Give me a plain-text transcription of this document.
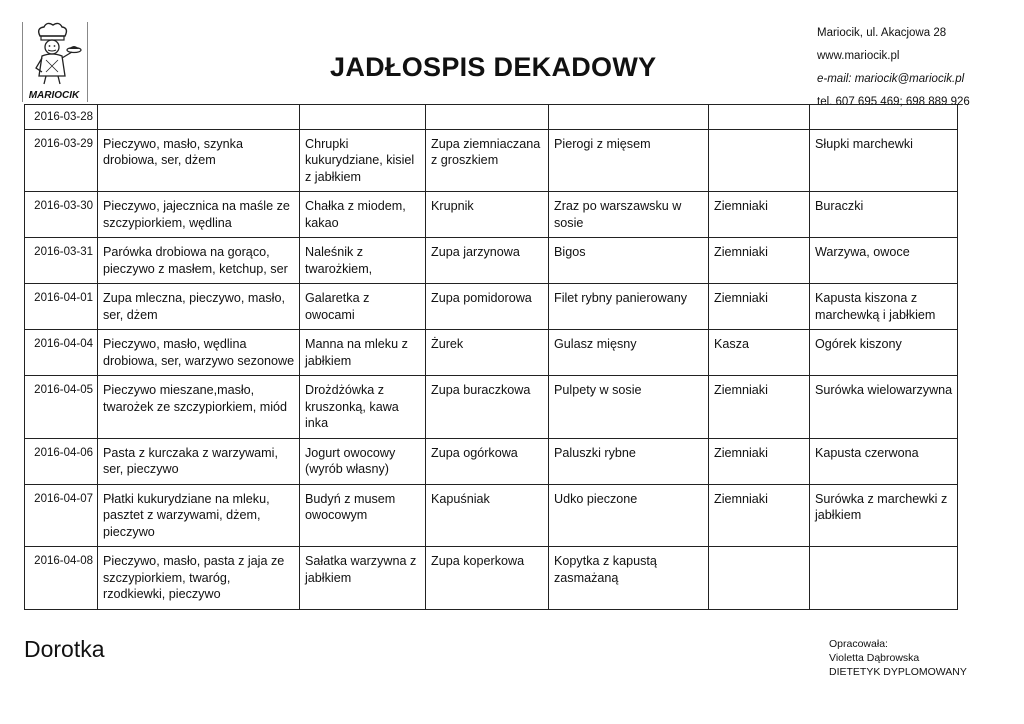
MARIOCIK
JADŁOSPIS DEKADOWY
Mariocik, ul. Akacjowa 28
www.mariocik.pl
e-mail: mariocik@mariocik.pl
tel. 607 695 469; 698 889 926
2016-03-28						
2016-03-29	Pieczywo, masło, szynka drobiowa, ser, dżem	Chrupki kukurydziane, kisiel z jabłkiem	Zupa ziemniaczana z groszkiem	Pierogi z mięsem		Słupki marchewki
2016-03-30	Pieczywo, jajecznica na maśle ze szczypiorkiem, wędlina	Chałka z miodem, kakao	Krupnik	Zraz po warszawsku w sosie	Ziemniaki	Buraczki
2016-03-31	Parówka drobiowa na gorąco, pieczywo z masłem, ketchup, ser	Naleśnik z twarożkiem,	Zupa jarzynowa	Bigos	Ziemniaki	Warzywa, owoce
2016-04-01	Zupa mleczna, pieczywo, masło, ser, dżem	Galaretka z owocami	Zupa pomidorowa	Filet rybny panierowany	Ziemniaki	Kapusta kiszona z marchewką i jabłkiem
2016-04-04	Pieczywo, masło, wędlina drobiowa, ser, warzywo sezonowe	Manna na mleku z jabłkiem	Żurek	Gulasz mięsny	Kasza	Ogórek kiszony
2016-04-05	Pieczywo mieszane,masło, twarożek ze szczypiorkiem, miód	Drożdżówka z kruszonką, kawa inka	Zupa buraczkowa	Pulpety w sosie	Ziemniaki	Surówka wielowarzywna
2016-04-06	Pasta z kurczaka z warzywami, ser, pieczywo	Jogurt owocowy (wyrób własny)	Zupa ogórkowa	Paluszki rybne	Ziemniaki	Kapusta czerwona
2016-04-07	Płatki kukurydziane na mleku, pasztet z warzywami, dżem, pieczywo	Budyń z musem owocowym	Kapuśniak	Udko pieczone	Ziemniaki	Surówka z marchewki z jabłkiem
2016-04-08	Pieczywo, masło, pasta z jaja ze szczypiorkiem, twaróg, rzodkiewki, pieczywo	Sałatka warzywna z jabłkiem	Zupa koperkowa	Kopytka z kapustą zasmażaną		
Dorotka	Opracowała:
Violetta Dąbrowska
DIETETYK DYPLOMOWANY
